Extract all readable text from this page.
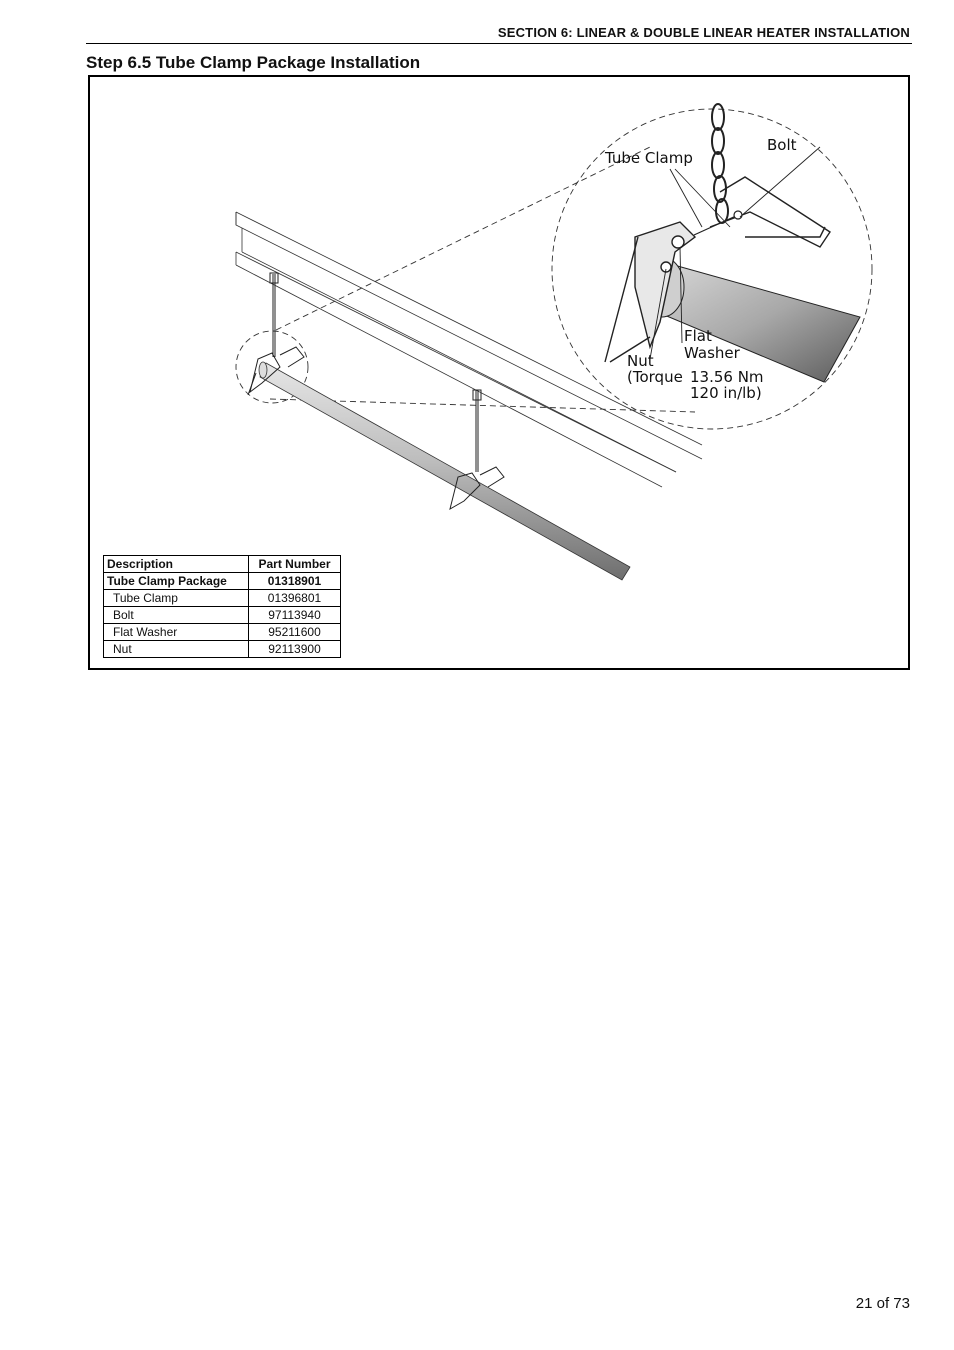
SECTION 6: LINEAR & DOUBLE LINEAR HEATER INSTALLATION
Step 6.5 Tube Clamp Package Installation
Tube Clamp
Bolt
Flat
Washer
Nut
(Torque 13.56 Nm
120 in/lb)
Description	Part Number
Tube Clamp Package	01318901
Tube Clamp	01396801
Bolt	97113940
Flat Washer	95211600
Nut	92113900
21 of 73
